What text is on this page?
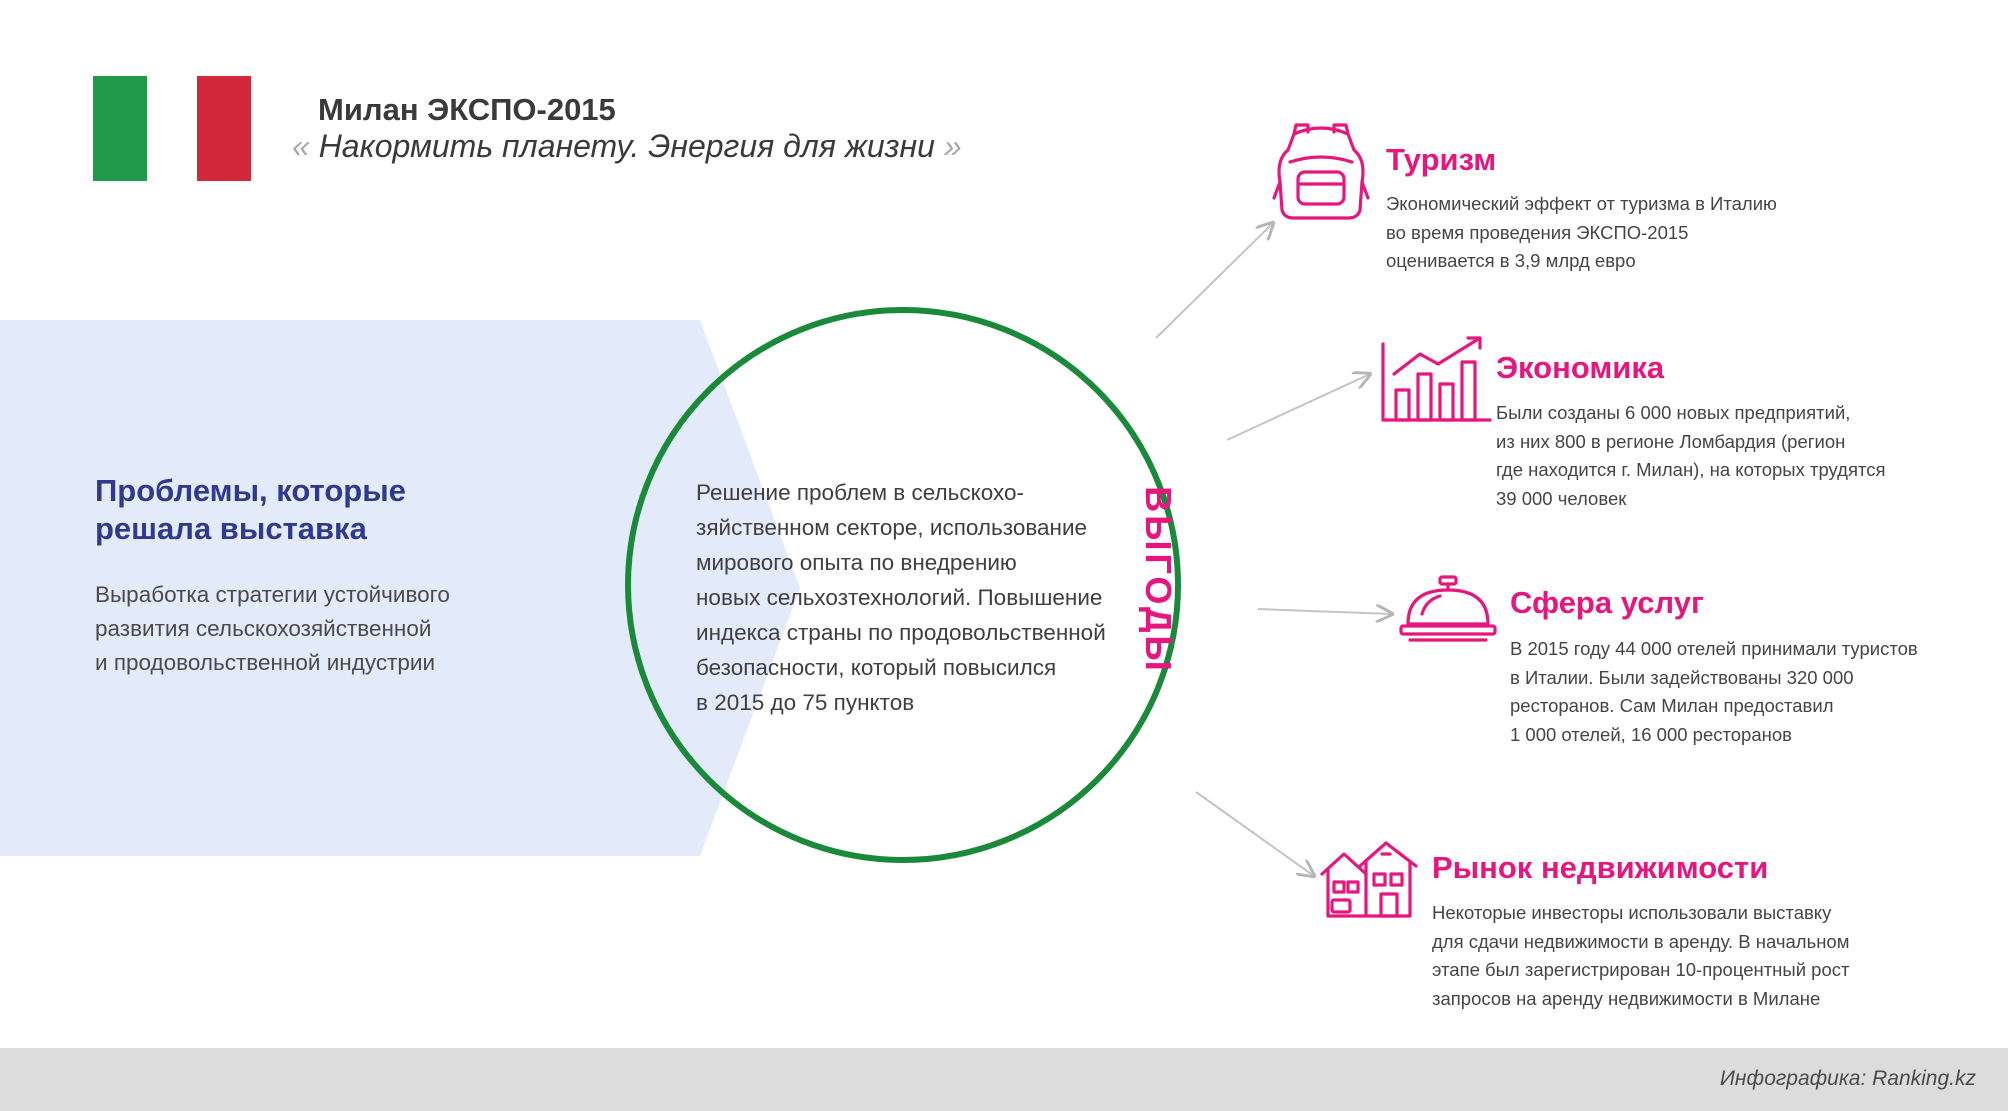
Милан ЭКСПО-2015
« Накормить планету. Энергия для жизни »
Проблемы, которые
решала выставка
Выработка стратегии устойчивого
развития сельскохозяйственной
и продовольственной индустрии
Решение проблем в сельскохо-
зяйственном секторе, использование
мирового опыта по внедрению
новых сельхозтехнологий. Повышение
индекса страны по продовольственной
безопасности, который повысился
в 2015 до 75 пунктов
ВЫГОДЫ
Туризм
Экономический эффект от туризма в Италию
во время проведения ЭКСПО-2015
оценивается в 3,9 млрд евро
Экономика
Были созданы 6 000 новых предприятий,
из них 800 в регионе Ломбардия (регион
где находится г. Милан), на которых трудятся
39 000 человек
Сфера услуг
В 2015 году 44 000 отелей принимали туристов
в Италии. Были задействованы 320 000
ресторанов. Сам Милан предоставил
1 000 отелей, 16 000 ресторанов
Рынок недвижимости
Некоторые инвесторы использовали выставку
для сдачи недвижимости в аренду. В начальном
этапе был зарегистрирован 10-процентный рост
запросов на аренду недвижимости в Милане
Инфографика: Ranking.kz
